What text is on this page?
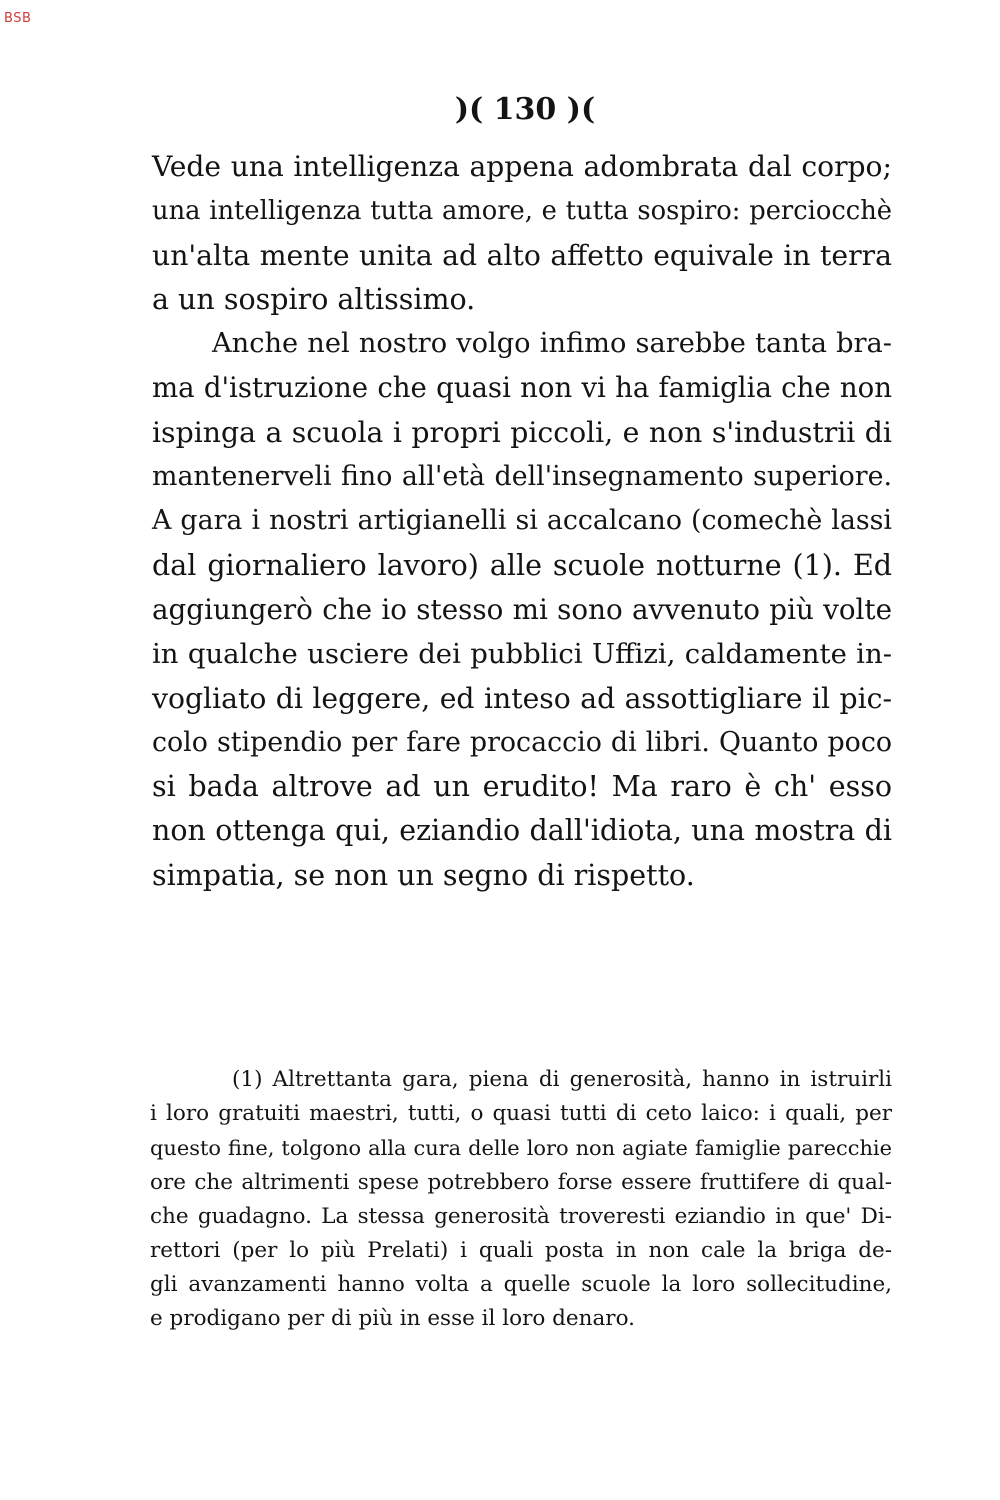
BSB
)( 130 )(
Vede una intelligenza appena adombrata dal corpo;
una intelligenza tutta amore, e tutta sospiro: perciocchè
un'alta mente unita ad alto affetto equivale in terra
a un sospiro altissimo.
Anche nel nostro volgo infimo sarebbe tanta bra-
ma d'istruzione che quasi non vi ha famiglia che non
ispinga a scuola i propri piccoli, e non s'industrii di
mantenerveli fino all'età dell'insegnamento superiore.
A gara i nostri artigianelli si accalcano (comechè lassi
dal giornaliero lavoro) alle scuole notturne (1). Ed
aggiungerò che io stesso mi sono avvenuto più volte
in qualche usciere dei pubblici Uffizi, caldamente in-
vogliato di leggere, ed inteso ad assottigliare il pic-
colo stipendio per fare procaccio di libri. Quanto poco
si bada altrove ad un erudito! Ma raro è ch' esso
non ottenga qui, eziandio dall'idiota, una mostra di
simpatia, se non un segno di rispetto.
(1) Altrettanta gara, piena di generosità, hanno in istruirli
i loro gratuiti maestri, tutti, o quasi tutti di ceto laico: i quali, per
questo fine, tolgono alla cura delle loro non agiate famiglie parecchie
ore che altrimenti spese potrebbero forse essere fruttifere di qual-
che guadagno. La stessa generosità troveresti eziandio in que' Di-
rettori (per lo più Prelati) i quali posta in non cale la briga de-
gli avanzamenti hanno volta a quelle scuole la loro sollecitudine,
e prodigano per di più in esse il loro denaro.
